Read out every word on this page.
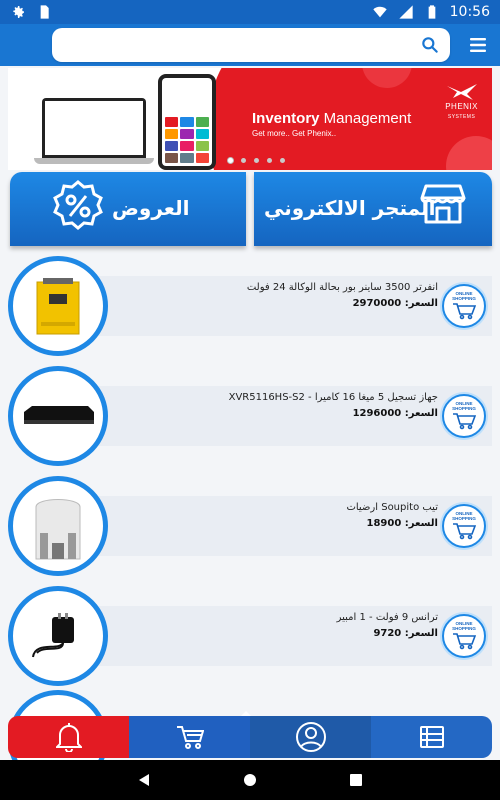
10:56
PHENIX
SYSTEMS
Inventory Management
Get more.. Get Phenix..
العروض	المتجر الالكتروني
انفرتر 3500 ساينر بور بحالة الوكالة 24 فولت
السعر: 2970000
ONLINE
SHOPPING
جهاز تسجيل 5 ميغا 16 كاميرا - XVR5116HS-S2
السعر: 1296000
ONLINE
SHOPPING
تيب Soupito ارضيات
السعر: 18900
ONLINE
SHOPPING
ترانس 9 فولت - 1 امبير
السعر: 9720
ONLINE
SHOPPING
